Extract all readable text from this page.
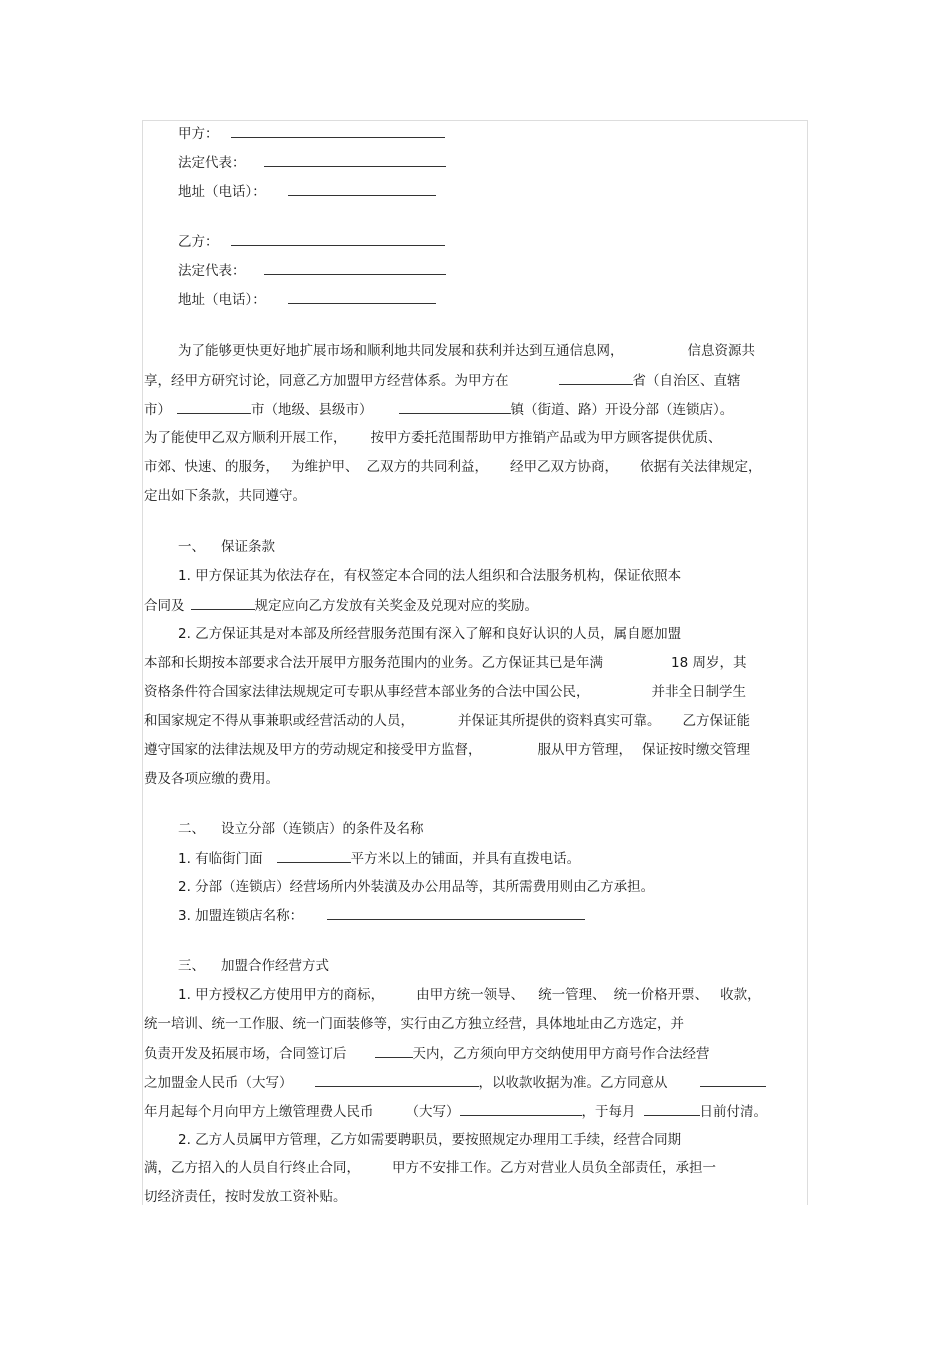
甲方：
法定代表：
地址（电话）：
乙方：
法定代表：
地址（电话）：
为了能够更快更好地扩展市场和顺利地共同发展和获利并达到互通信息网，	信息资源共
享，经甲方研究讨论，同意乙方加盟甲方经营体系。为甲方在	省（自治区、直辖
市）	市（地级、县级市）	镇（街道、路）开设分部（连锁店）。
为了能使甲乙双方顺利开展工作， 按甲方委托范围帮助甲方推销产品或为甲方顾客提供优质、
市郊、快速、的服务， 为维护甲、 乙双方的共同利益， 经甲乙双方协商， 依据有关法律规定，
定出如下条款，共同遵守。
一、 保证条款
1. 甲方保证其为依法存在，有权签定本合同的法人组织和合法服务机构，保证依照本
合同及	规定应向乙方发放有关奖金及兑现对应的奖励。
2. 乙方保证其是对本部及所经营服务范围有深入了解和良好认识的人员，属自愿加盟
本部和长期按本部要求合法开展甲方服务范围内的业务。乙方保证其已是年满	18 周岁，其
资格条件符合国家法律法规规定可专职从事经营本部业务的合法中国公民，	并非全日制学生
和国家规定不得从事兼职或经营活动的人员，	并保证其所提供的资料真实可靠。 乙方保证能
遵守国家的法律法规及甲方的劳动规定和接受甲方监督，	服从甲方管理， 保证按时缴交管理
费及各项应缴的费用。
二、 设立分部（连锁店）的条件及名称
1. 有临街门面	平方米以上的铺面，并具有直拨电话。
2. 分部（连锁店）经营场所内外装潢及办公用品等，其所需费用则由乙方承担。
3. 加盟连锁店名称：
三、 加盟合作经营方式
1. 甲方授权乙方使用甲方的商标， 由甲方统一领导、 统一管理、 统一价格开票、 收款，
统一培训、统一工作服、统一门面装修等，实行由乙方独立经营，具体地址由乙方选定，并
负责开发及拓展市场，合同签订后	天内，乙方须向甲方交纳使用甲方商号作合法经营
之加盟金人民币（大写）	，以收款收据为准。乙方同意从
年月起每个月向甲方上缴管理费人民币 （大写）	，于每月	日前付清。
2. 乙方人员属甲方管理，乙方如需要聘职员，要按照规定办理用工手续，经营合同期
满，乙方招入的人员自行终止合同， 甲方不安排工作。乙方对营业人员负全部责任，承担一
切经济责任，按时发放工资补贴。
